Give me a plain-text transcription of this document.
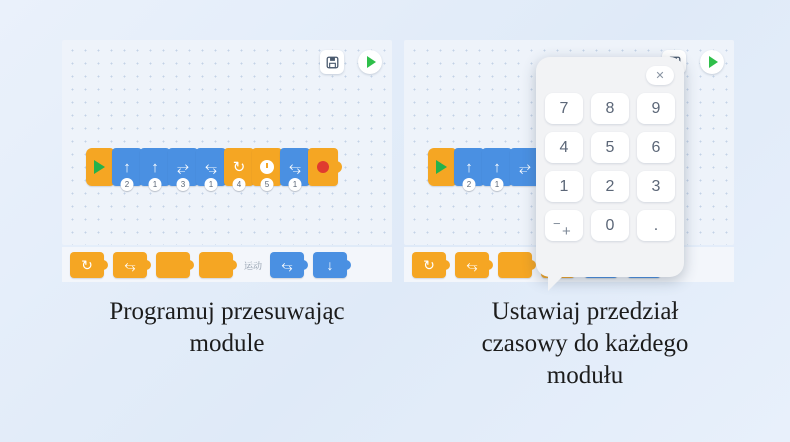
↑
2
↑
1
⥂
3
⥃
1
↻
4	5
⥃
1
↻ ⥃	运动 ⥃ ↓
↑
2
↑
1
⥂
↻ ⥃
✕
7	8	9
4	5	6
1	2	3
− +	0	.
Programuj przesuwając
module
Ustawiaj przedział
czasowy do każdego
modułu
